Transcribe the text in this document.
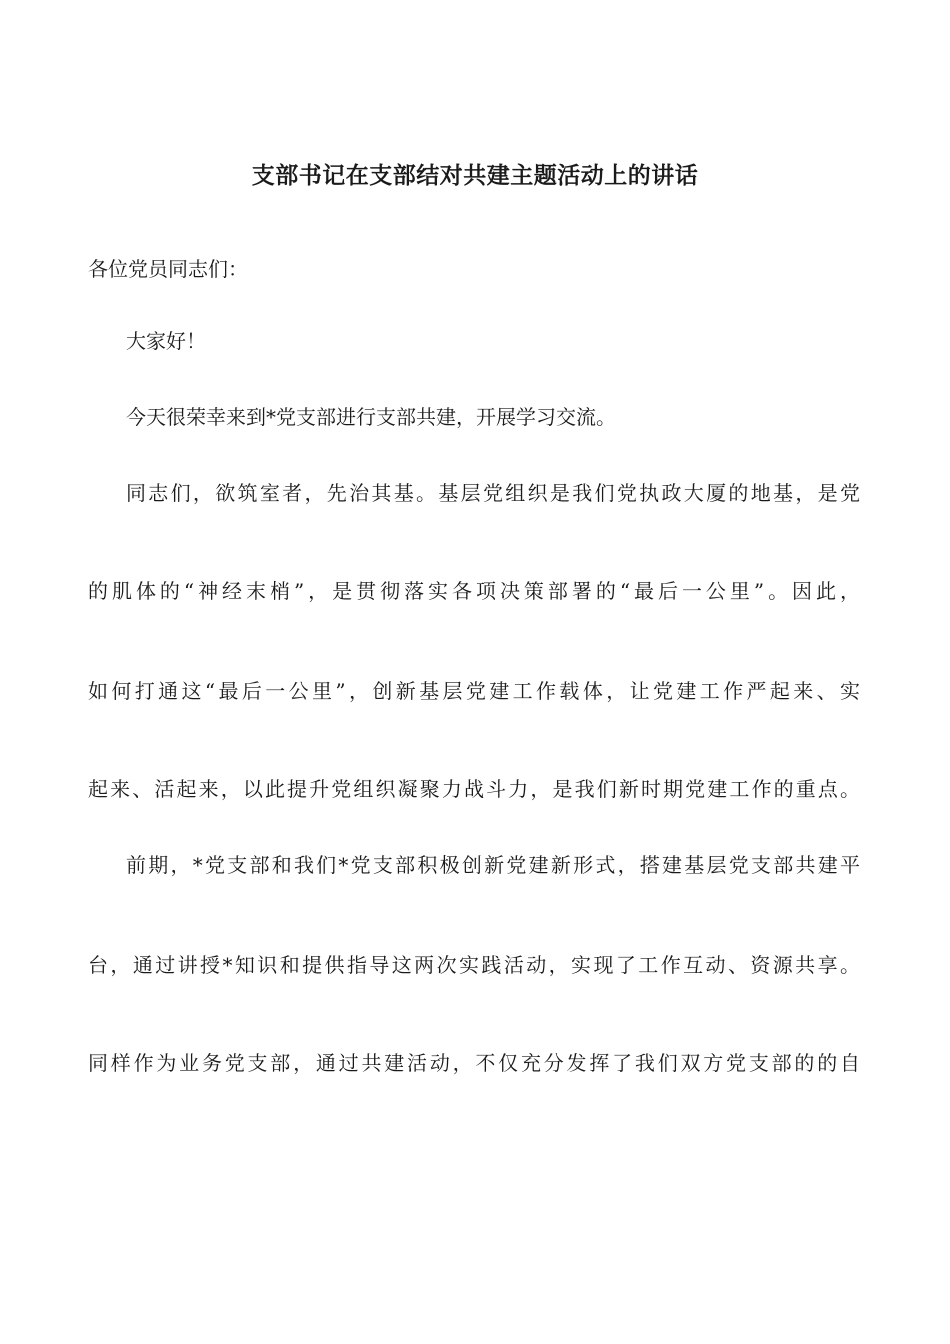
支部书记在支部结对共建主题活动上的讲话
各位党员同志们：
大家好！
今天很荣幸来到*党支部进行支部共建，开展学习交流。
同志们，欲筑室者，先治其基。基层党组织是我们党执政大厦的地基，是党
的肌体的“神经末梢”，是贯彻落实各项决策部署的“最后一公里”。因此，
如何打通这“最后一公里”，创新基层党建工作载体，让党建工作严起来、实
起来、活起来，以此提升党组织凝聚力战斗力，是我们新时期党建工作的重点。
前期，*党支部和我们*党支部积极创新党建新形式，搭建基层党支部共建平
台，通过讲授*知识和提供指导这两次实践活动，实现了工作互动、资源共享。
同样作为业务党支部，通过共建活动，不仅充分发挥了我们双方党支部的的自
